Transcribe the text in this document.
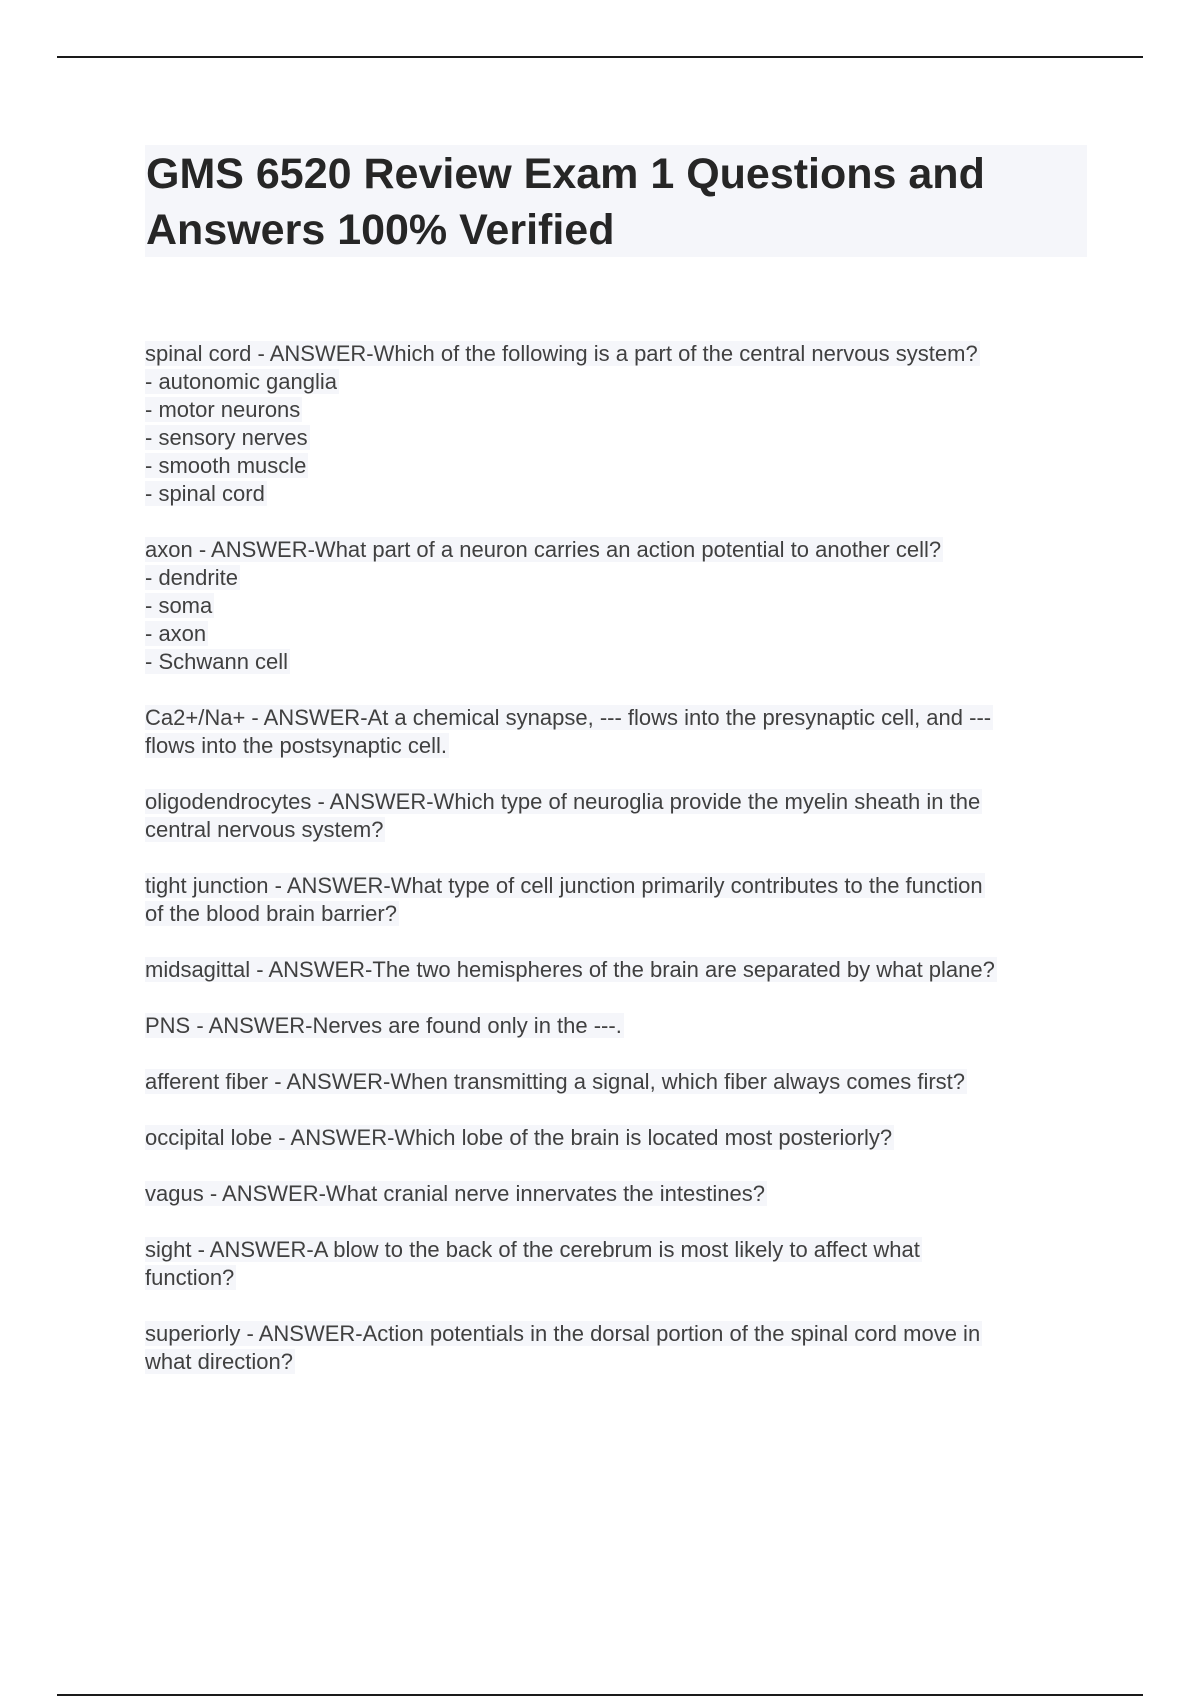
GMS 6520 Review Exam 1 Questions and Answers 100% Verified
spinal cord - ANSWER-Which of the following is a part of the central nervous system?
- autonomic ganglia
- motor neurons
- sensory nerves
- smooth muscle
- spinal cord
axon - ANSWER-What part of a neuron carries an action potential to another cell?
- dendrite
- soma
- axon
- Schwann cell
Ca2+/Na+ - ANSWER-At a chemical synapse, --- flows into the presynaptic cell, and ---
flows into the postsynaptic cell.
oligodendrocytes - ANSWER-Which type of neuroglia provide the myelin sheath in the
central nervous system?
tight junction - ANSWER-What type of cell junction primarily contributes to the function
of the blood brain barrier?
midsagittal - ANSWER-The two hemispheres of the brain are separated by what plane?
PNS - ANSWER-Nerves are found only in the ---.
afferent fiber - ANSWER-When transmitting a signal, which fiber always comes first?
occipital lobe - ANSWER-Which lobe of the brain is located most posteriorly?
vagus - ANSWER-What cranial nerve innervates the intestines?
sight - ANSWER-A blow to the back of the cerebrum is most likely to affect what
function?
superiorly - ANSWER-Action potentials in the dorsal portion of the spinal cord move in
what direction?
